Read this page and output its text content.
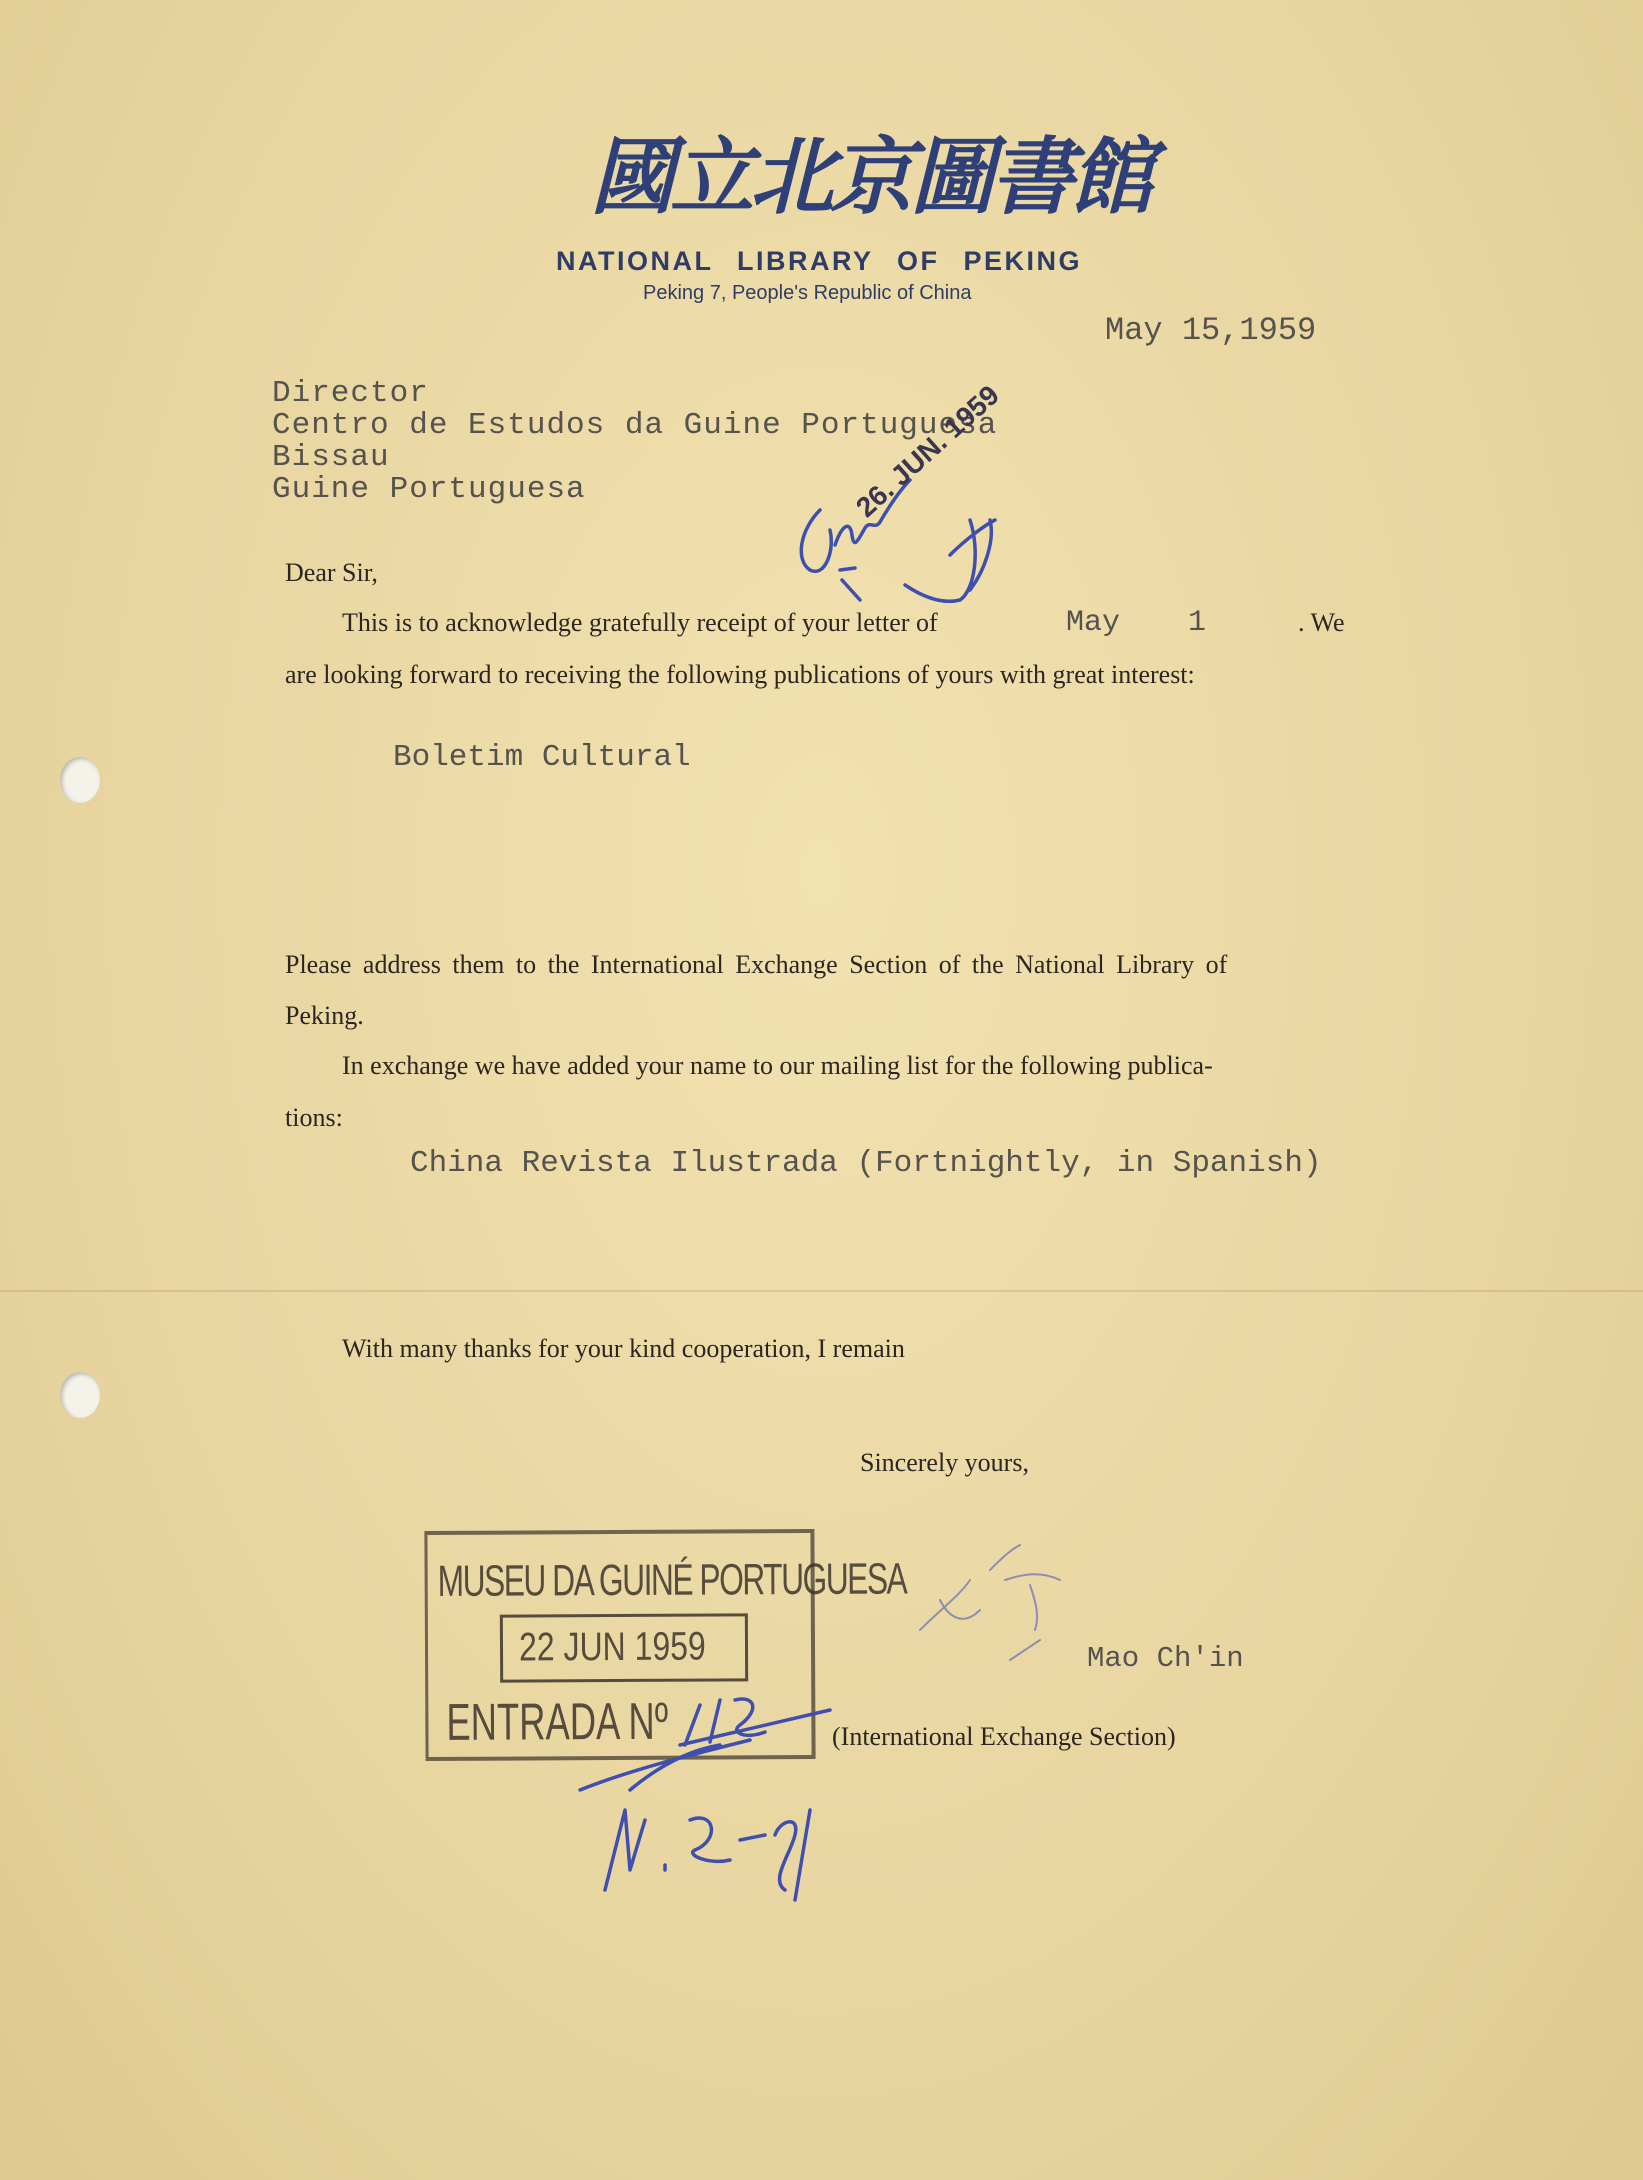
國立北京圖書館
NATIONAL LIBRARY OF PEKING
Peking 7, People's Republic of China
May 15,1959
Director
Centro de Estudos da Guine Portuguesa
Bissau
Guine Portuguesa	26. JUN. 1959
Dear Sir,
This is to acknowledge gratefully receipt of your letter of	May 1	. We
are looking forward to receiving the following publications of yours with great interest:
Boletim Cultural
Please address them to the International Exchange Section of the National Library of
Peking.
In exchange we have added your name to our mailing list for the following publica-
tions:
China Revista Ilustrada (Fortnightly, in Spanish)
With many thanks for your kind cooperation, I remain
Sincerely yours,
Mao Ch'in
(International Exchange Section)
MUSEU DA GUINÉ PORTUGUESA
22 JUN 1959
ENTRADA Nº
